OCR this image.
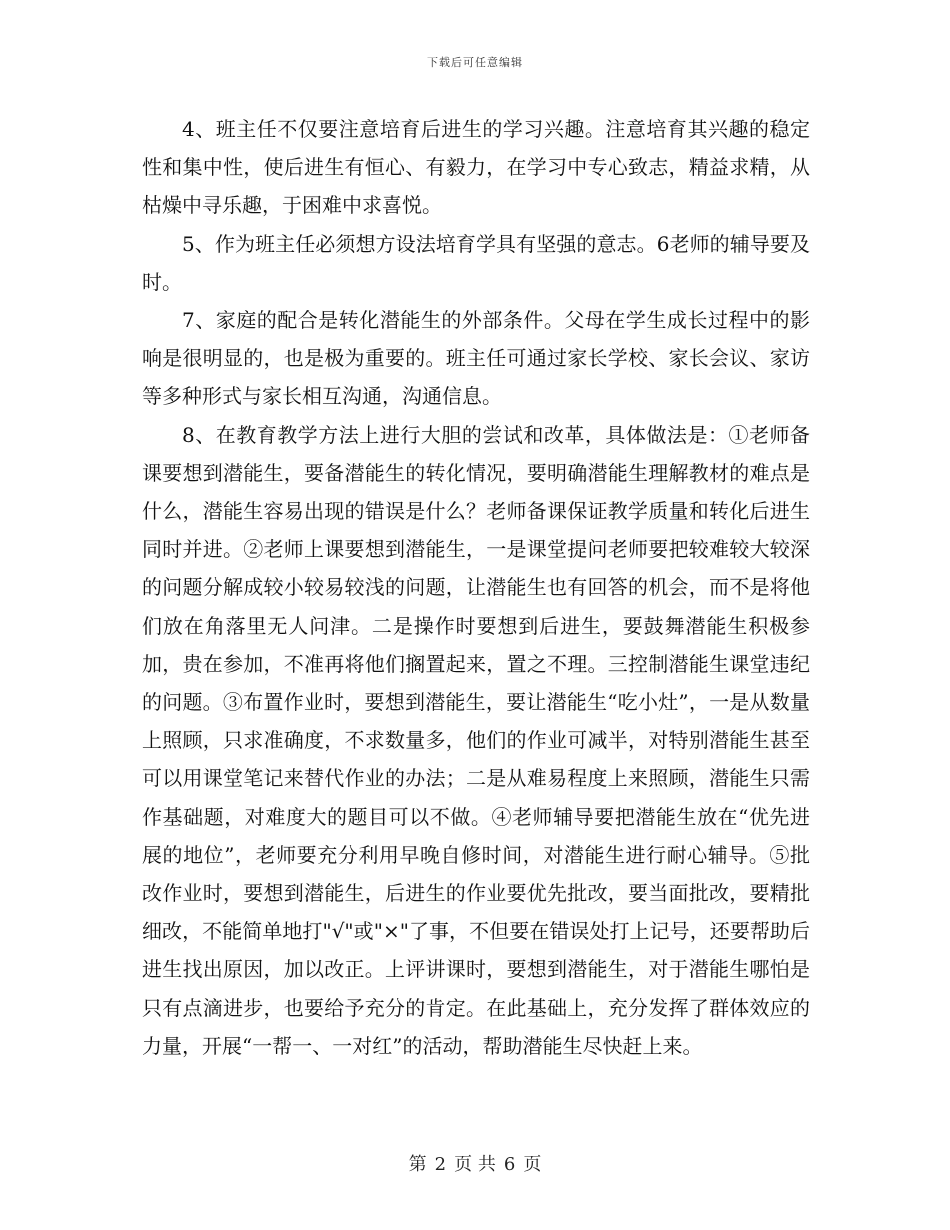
下载后可任意编辑

4、班主任不仅要注意培育后进生的学习兴趣。注意培育其兴趣的稳定性和集中性，使后进生有恒心、有毅力，在学习中专心致志，精益求精，从枯燥中寻乐趣，于困难中求喜悦。

5、作为班主任必须想方设法培育学具有坚强的意志。6老师的辅导要及时。

7、家庭的配合是转化潜能生的外部条件。父母在学生成长过程中的影响是很明显的，也是极为重要的。班主任可通过家长学校、家长会议、家访等多种形式与家长相互沟通，沟通信息。

8、在教育教学方法上进行大胆的尝试和改革，具体做法是：①老师备课要想到潜能生，要备潜能生的转化情况，要明确潜能生理解教材的难点是什么，潜能生容易出现的错误是什么？老师备课保证教学质量和转化后进生同时并进。②老师上课要想到潜能生，一是课堂提问老师要把较难较大较深的问题分解成较小较易较浅的问题，让潜能生也有回答的机会，而不是将他们放在角落里无人问津。二是操作时要想到后进生，要鼓舞潜能生积极参加，贵在参加，不准再将他们搁置起来，置之不理。三控制潜能生课堂违纪的问题。③布置作业时，要想到潜能生，要让潜能生“吃小灶”，一是从数量上照顾，只求准确度，不求数量多，他们的作业可减半，对特别潜能生甚至可以用课堂笔记来替代作业的办法；二是从难易程度上来照顾，潜能生只需作基础题，对难度大的题目可以不做。④老师辅导要把潜能生放在“优先进展的地位”，老师要充分利用早晚自修时间，对潜能生进行耐心辅导。⑤批改作业时，要想到潜能生，后进生的作业要优先批改，要当面批改，要精批细改，不能简单地打"√"或"×"了事，不但要在错误处打上记号，还要帮助后进生找出原因，加以改正。上评讲课时，要想到潜能生，对于潜能生哪怕是只有点滴进步，也要给予充分的肯定。在此基础上，充分发挥了群体效应的力量，开展“一帮一、一对红”的活动，帮助潜能生尽快赶上来。

第 2 页 共 6 页
